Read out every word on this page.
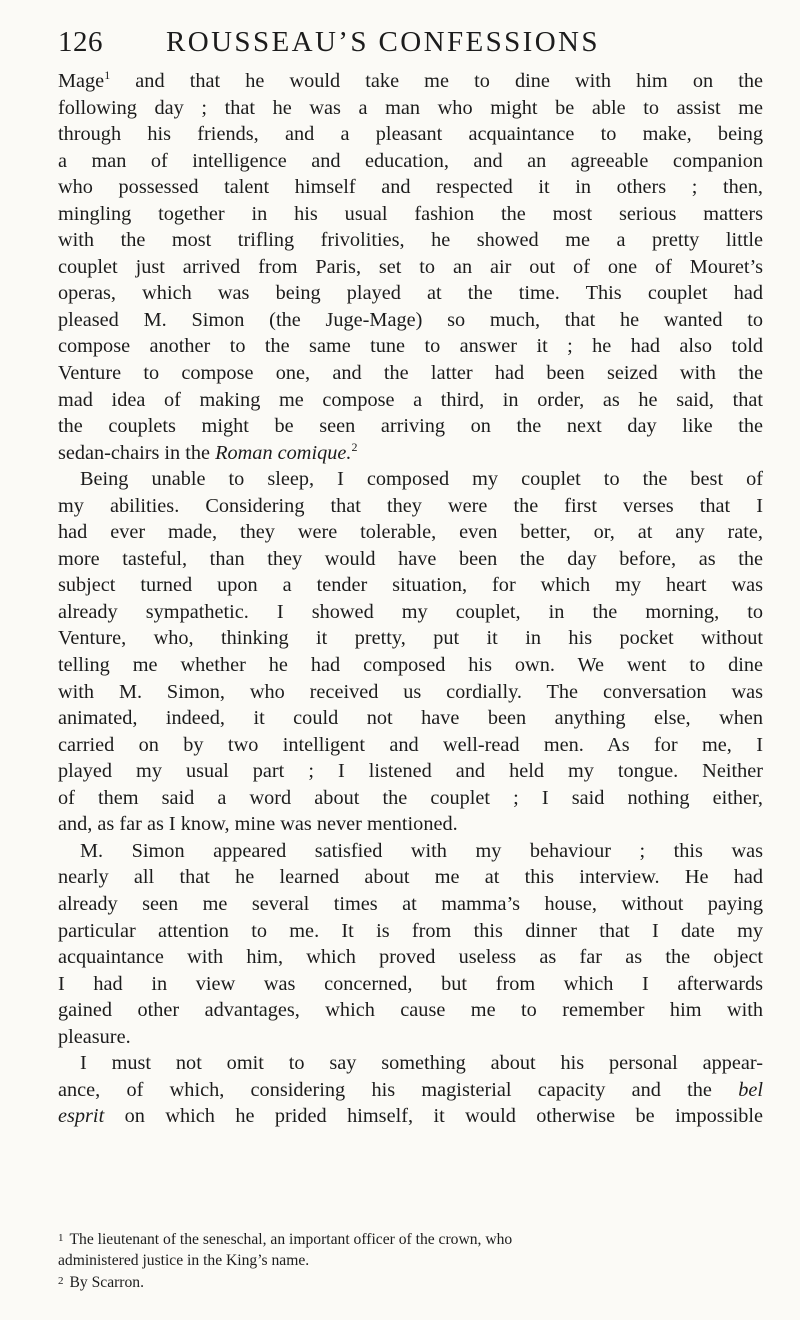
126 ROUSSEAU’S CONFESSIONS
Mage$^1$ and that he would take me to dine with him on the
following day ; that he was a man who might be able to assist me
through his friends, and a pleasant acquaintance to make, being
a man of intelligence and education, and an agreeable companion
who possessed talent himself and respected it in others ; then,
mingling together in his usual fashion the most serious matters
with the most trifling frivolities, he showed me a pretty little
couplet just arrived from Paris, set to an air out of one of Mouret’s
operas, which was being played at the time. This couplet had
pleased M. Simon (the Juge-Mage) so much, that he wanted to
compose another to the same tune to answer it ; he had also told
Venture to compose one, and the latter had been seized with the
mad idea of making me compose a third, in order, as he said, that
the couplets might be seen arriving on the next day like the
sedan-chairs in the Roman comique.$^2$
Being unable to sleep, I composed my couplet to the best of
my abilities. Considering that they were the first verses that I
had ever made, they were tolerable, even better, or, at any rate,
more tasteful, than they would have been the day before, as the
subject turned upon a tender situation, for which my heart was
already sympathetic. I showed my couplet, in the morning, to
Venture, who, thinking it pretty, put it in his pocket without
telling me whether he had composed his own. We went to dine
with M. Simon, who received us cordially. The conversation was
animated, indeed, it could not have been anything else, when
carried on by two intelligent and well-read men. As for me, I
played my usual part ; I listened and held my tongue. Neither
of them said a word about the couplet ; I said nothing either,
and, as far as I know, mine was never mentioned.
M. Simon appeared satisfied with my behaviour ; this was
nearly all that he learned about me at this interview. He had
already seen me several times at mamma’s house, without paying
particular attention to me. It is from this dinner that I date my
acquaintance with him, which proved useless as far as the object
I had in view was concerned, but from which I afterwards
gained other advantages, which cause me to remember him with
pleasure.
I must not omit to say something about his personal appear-
ance, of which, considering his magisterial capacity and the bel
esprit on which he prided himself, it would otherwise be impossible
1 The lieutenant of the seneschal, an important officer of the crown, who
administered justice in the King’s name.
2 By Scarron.
